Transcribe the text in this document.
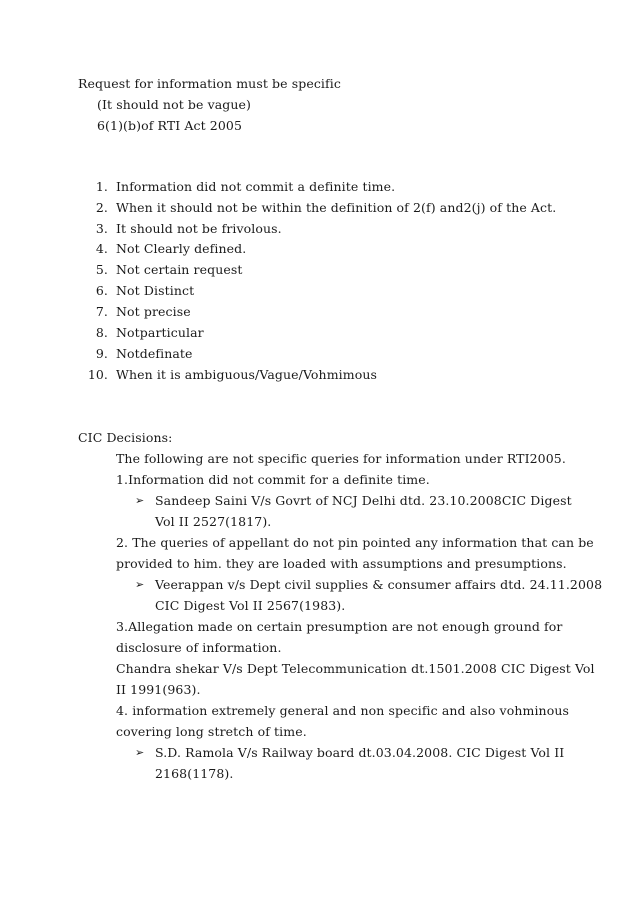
Request for information must be specific
(It should not be vague)
6(1)(b)of RTI Act 2005
1. Information did not commit a definite time.
2. When it should not be within the definition of 2(f) and2(j) of the Act.
3. It should not be frivolous.
4. Not Clearly defined.
5. Not certain request
6. Not Distinct
7. Not precise
8. Notparticular
9. Notdefinate
10. When it is ambiguous/Vague/Vohmimous
CIC Decisions:
The following are not specific queries for information under RTI2005.
1.Information did not commit for a definite time.
➢ Sandeep Saini V/s Govrt of NCJ Delhi dtd. 23.10.2008CIC Digest
Vol II 2527(1817).
2. The queries of appellant do not pin pointed any information that can be
provided to him. they are loaded with assumptions and presumptions.
➢ Veerappan v/s Dept civil supplies & consumer affairs dtd. 24.11.2008
CIC Digest Vol II 2567(1983).
3.Allegation made on certain presumption are not enough ground for
disclosure of information.
Chandra shekar V/s Dept Telecommunication dt.1501.2008 CIC Digest Vol
II 1991(963).
4. information extremely general and non specific and also vohminous
covering long stretch of time.
➢ S.D. Ramola V/s Railway board dt.03.04.2008. CIC Digest Vol II
2168(1178).
